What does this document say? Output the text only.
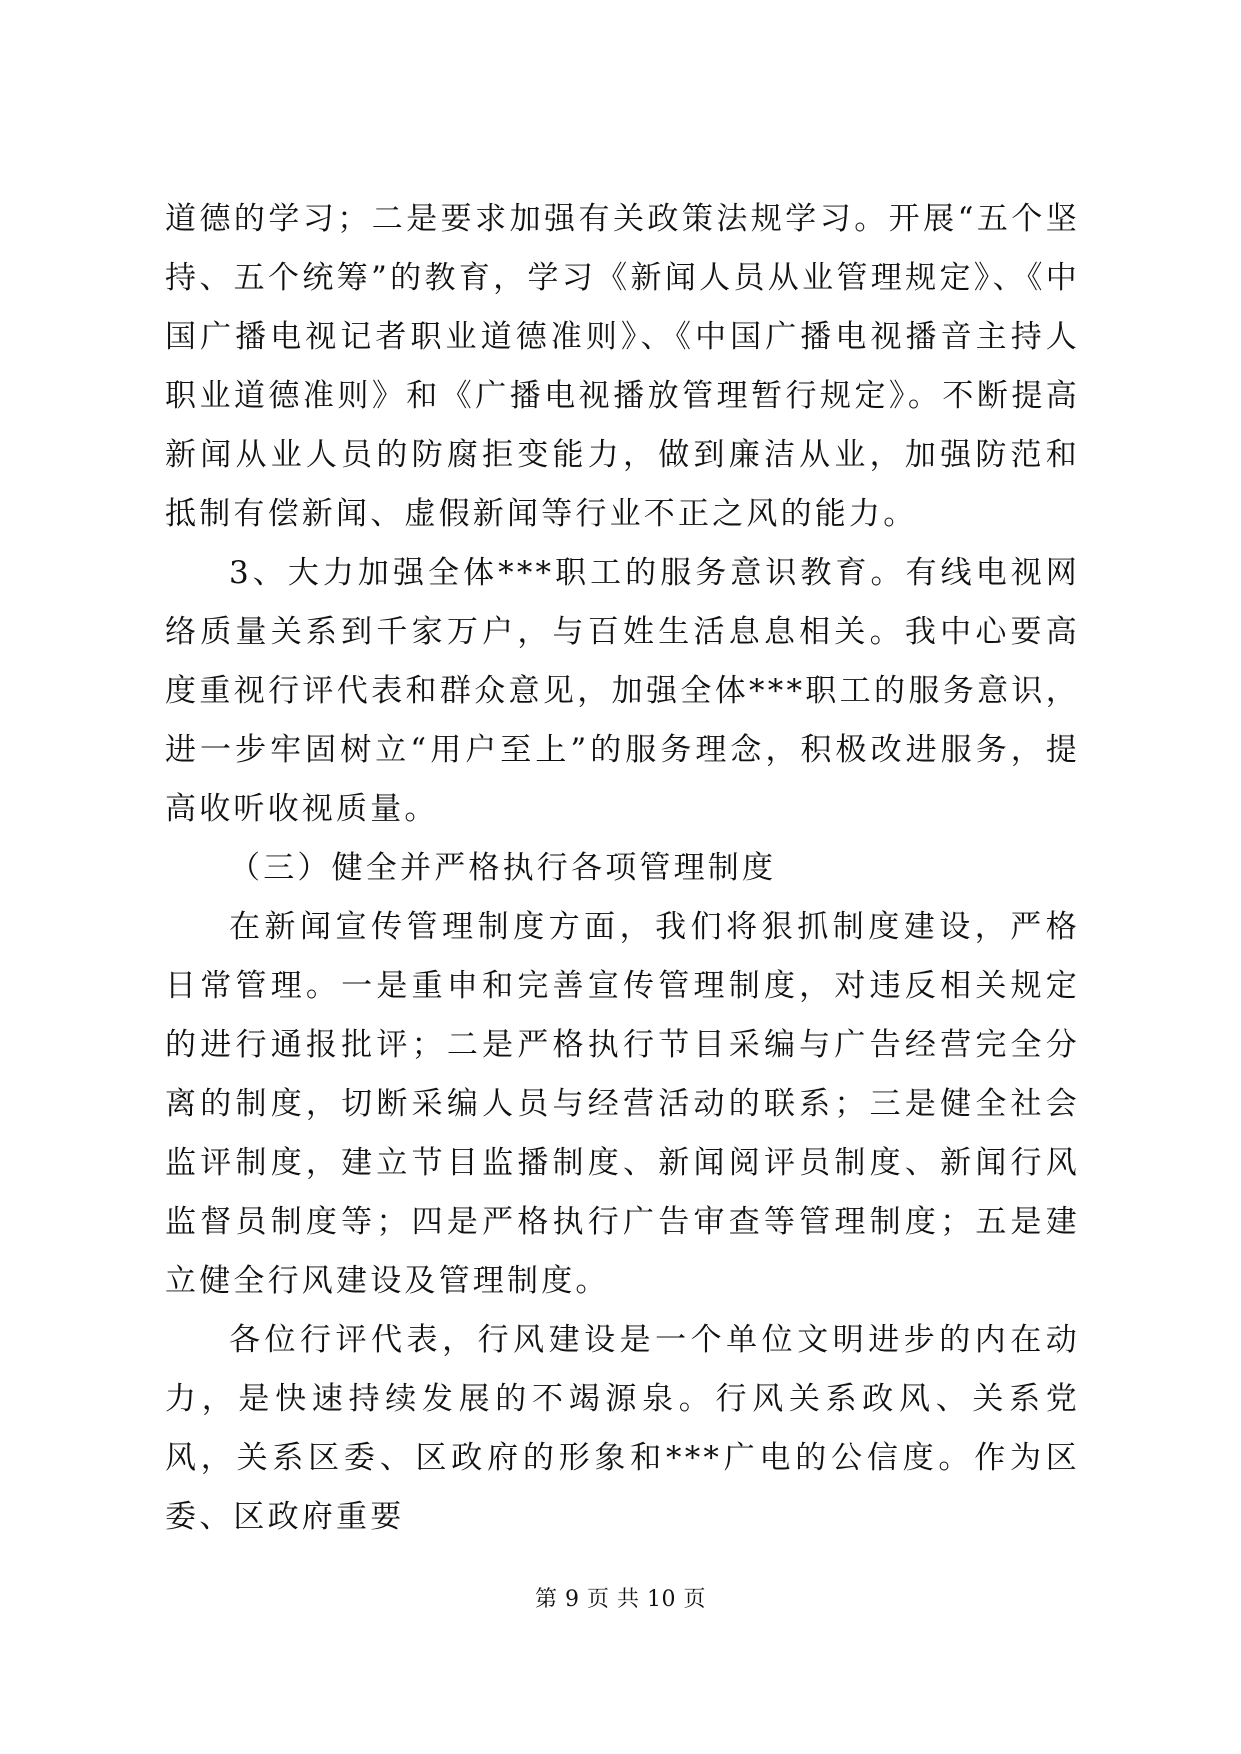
道德的学习；二是要求加强有关政策法规学习。开展“五个坚持、五个统筹”的教育，学习《新闻人员从业管理规定》、《中国广播电视记者职业道德准则》、《中国广播电视播音主持人职业道德准则》和《广播电视播放管理暂行规定》。不断提高新闻从业人员的防腐拒变能力，做到廉洁从业，加强防范和抵制有偿新闻、虚假新闻等行业不正之风的能力。

3、大力加强全体***职工的服务意识教育。有线电视网络质量关系到千家万户，与百姓生活息息相关。我中心要高度重视行评代表和群众意见，加强全体***职工的服务意识，进一步牢固树立“用户至上”的服务理念，积极改进服务，提高收听收视质量。

（三）健全并严格执行各项管理制度

在新闻宣传管理制度方面，我们将狠抓制度建设，严格日常管理。一是重申和完善宣传管理制度，对违反相关规定的进行通报批评；二是严格执行节目采编与广告经营完全分离的制度，切断采编人员与经营活动的联系；三是健全社会监评制度，建立节目监播制度、新闻阅评员制度、新闻行风监督员制度等；四是严格执行广告审查等管理制度；五是建立健全行风建设及管理制度。

各位行评代表，行风建设是一个单位文明进步的内在动力，是快速持续发展的不竭源泉。行风关系政风、关系党风，关系区委、区政府的形象和***广电的公信度。作为区委、区政府重要

第 9 页 共 10 页
